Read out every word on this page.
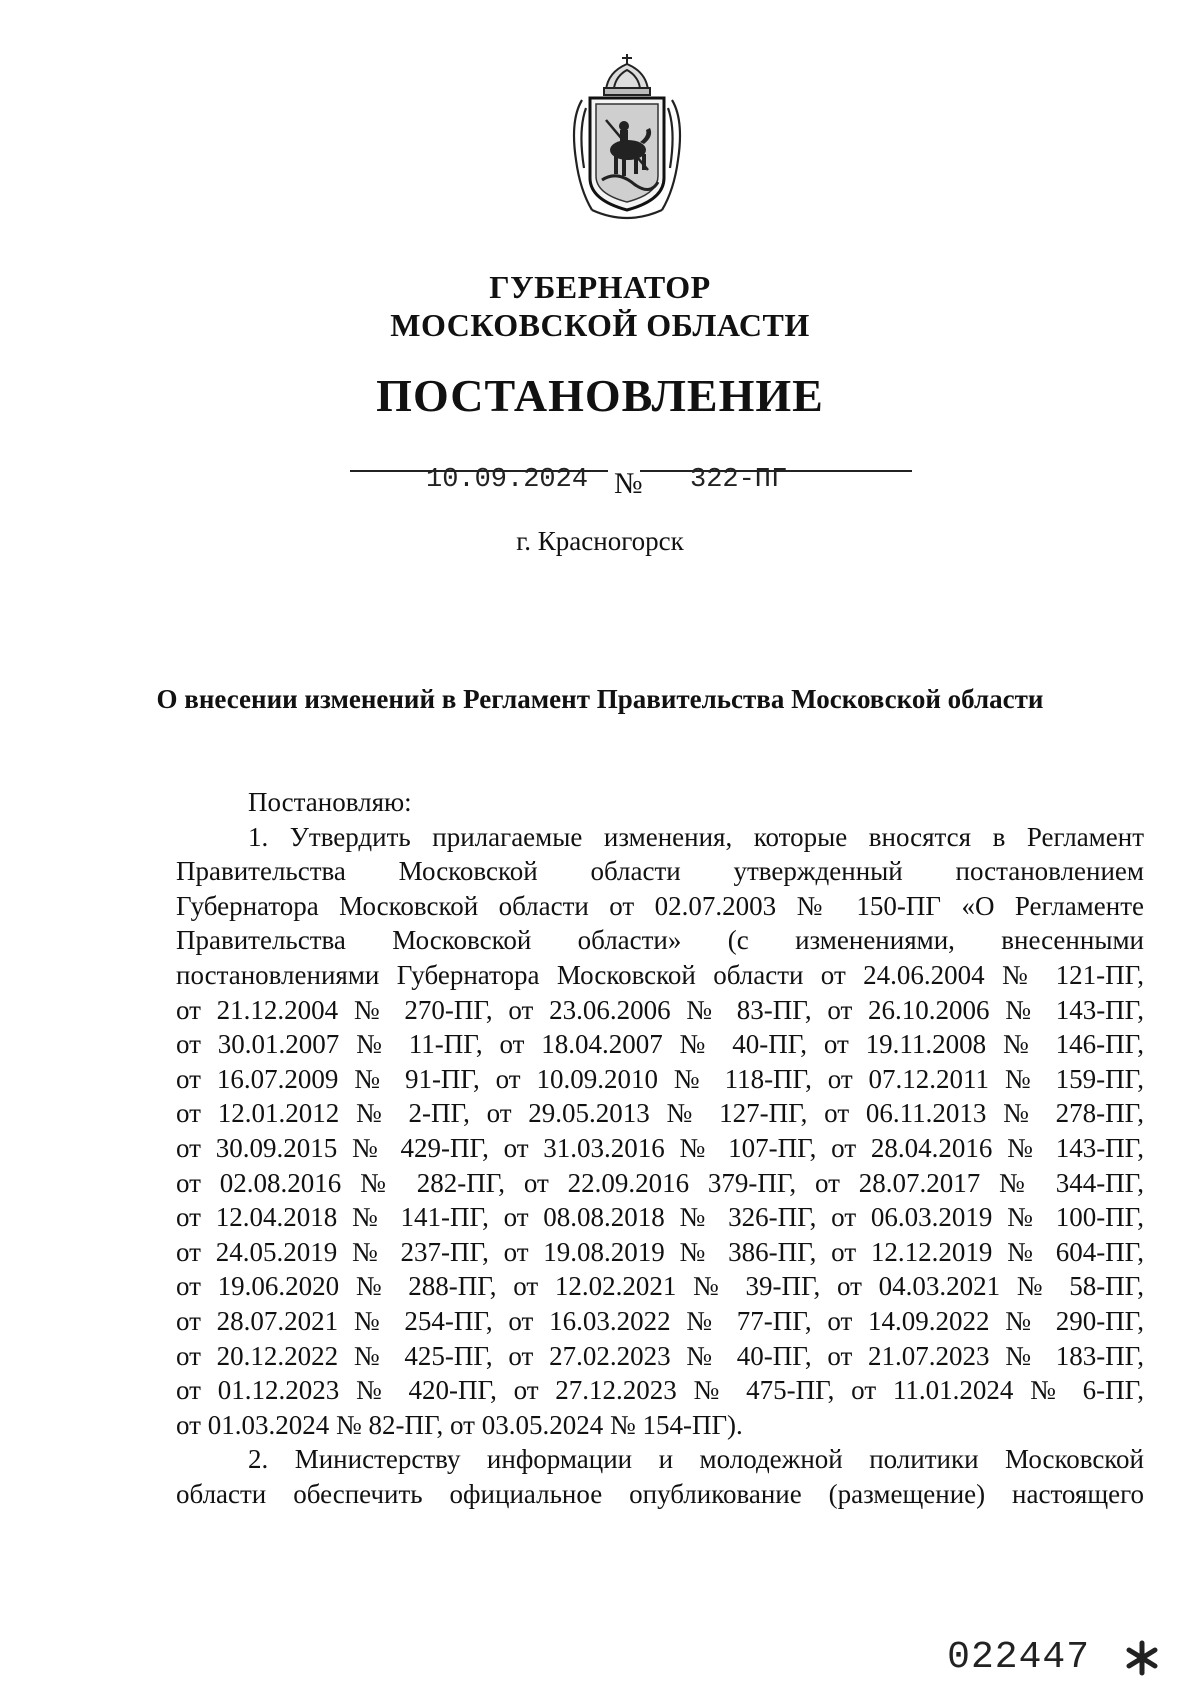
ГУБЕРНАТОР
МОСКОВСКОЙ ОБЛАСТИ
ПОСТАНОВЛЕНИЕ
10.09.2024 № 322-ПГ
г. Красногорск
О внесении изменений в Регламент Правительства Московской области

Постановляю:

1. Утвердить прилагаемые изменения, которые вносятся в Регламент

Правительства Московской области утвержденный постановлением

Губернатора Московской области от 02.07.2003 № 150-ПГ «О Регламенте

Правительства Московской области» (с изменениями, внесенными

постановлениями Губернатора Московской области от 24.06.2004 № 121-ПГ,

от 21.12.2004 № 270-ПГ, от 23.06.2006 № 83-ПГ, от 26.10.2006 № 143-ПГ,

от 30.01.2007 № 11-ПГ, от 18.04.2007 № 40-ПГ, от 19.11.2008 № 146-ПГ,

от 16.07.2009 № 91-ПГ, от 10.09.2010 № 118-ПГ, от 07.12.2011 № 159-ПГ,

от 12.01.2012 № 2-ПГ, от 29.05.2013 № 127-ПГ, от 06.11.2013 № 278-ПГ,

от 30.09.2015 № 429-ПГ, от 31.03.2016 № 107-ПГ, от 28.04.2016 № 143-ПГ,

от 02.08.2016 № 282-ПГ, от 22.09.2016 379-ПГ, от 28.07.2017 № 344-ПГ,

от 12.04.2018 № 141-ПГ, от 08.08.2018 № 326-ПГ, от 06.03.2019 № 100-ПГ,

от 24.05.2019 № 237-ПГ, от 19.08.2019 № 386-ПГ, от 12.12.2019 № 604-ПГ,

от 19.06.2020 № 288-ПГ, от 12.02.2021 № 39-ПГ, от 04.03.2021 № 58-ПГ,

от 28.07.2021 № 254-ПГ, от 16.03.2022 № 77-ПГ, от 14.09.2022 № 290-ПГ,

от 20.12.2022 № 425-ПГ, от 27.02.2023 № 40-ПГ, от 21.07.2023 № 183-ПГ,

от 01.12.2023 № 420-ПГ, от 27.12.2023 № 475-ПГ, от 11.01.2024 № 6-ПГ,

от 01.03.2024 № 82-ПГ, от 03.05.2024 № 154-ПГ).

2. Министерству информации и молодежной политики Московской

области обеспечить официальное опубликование (размещение) настоящего

022447
